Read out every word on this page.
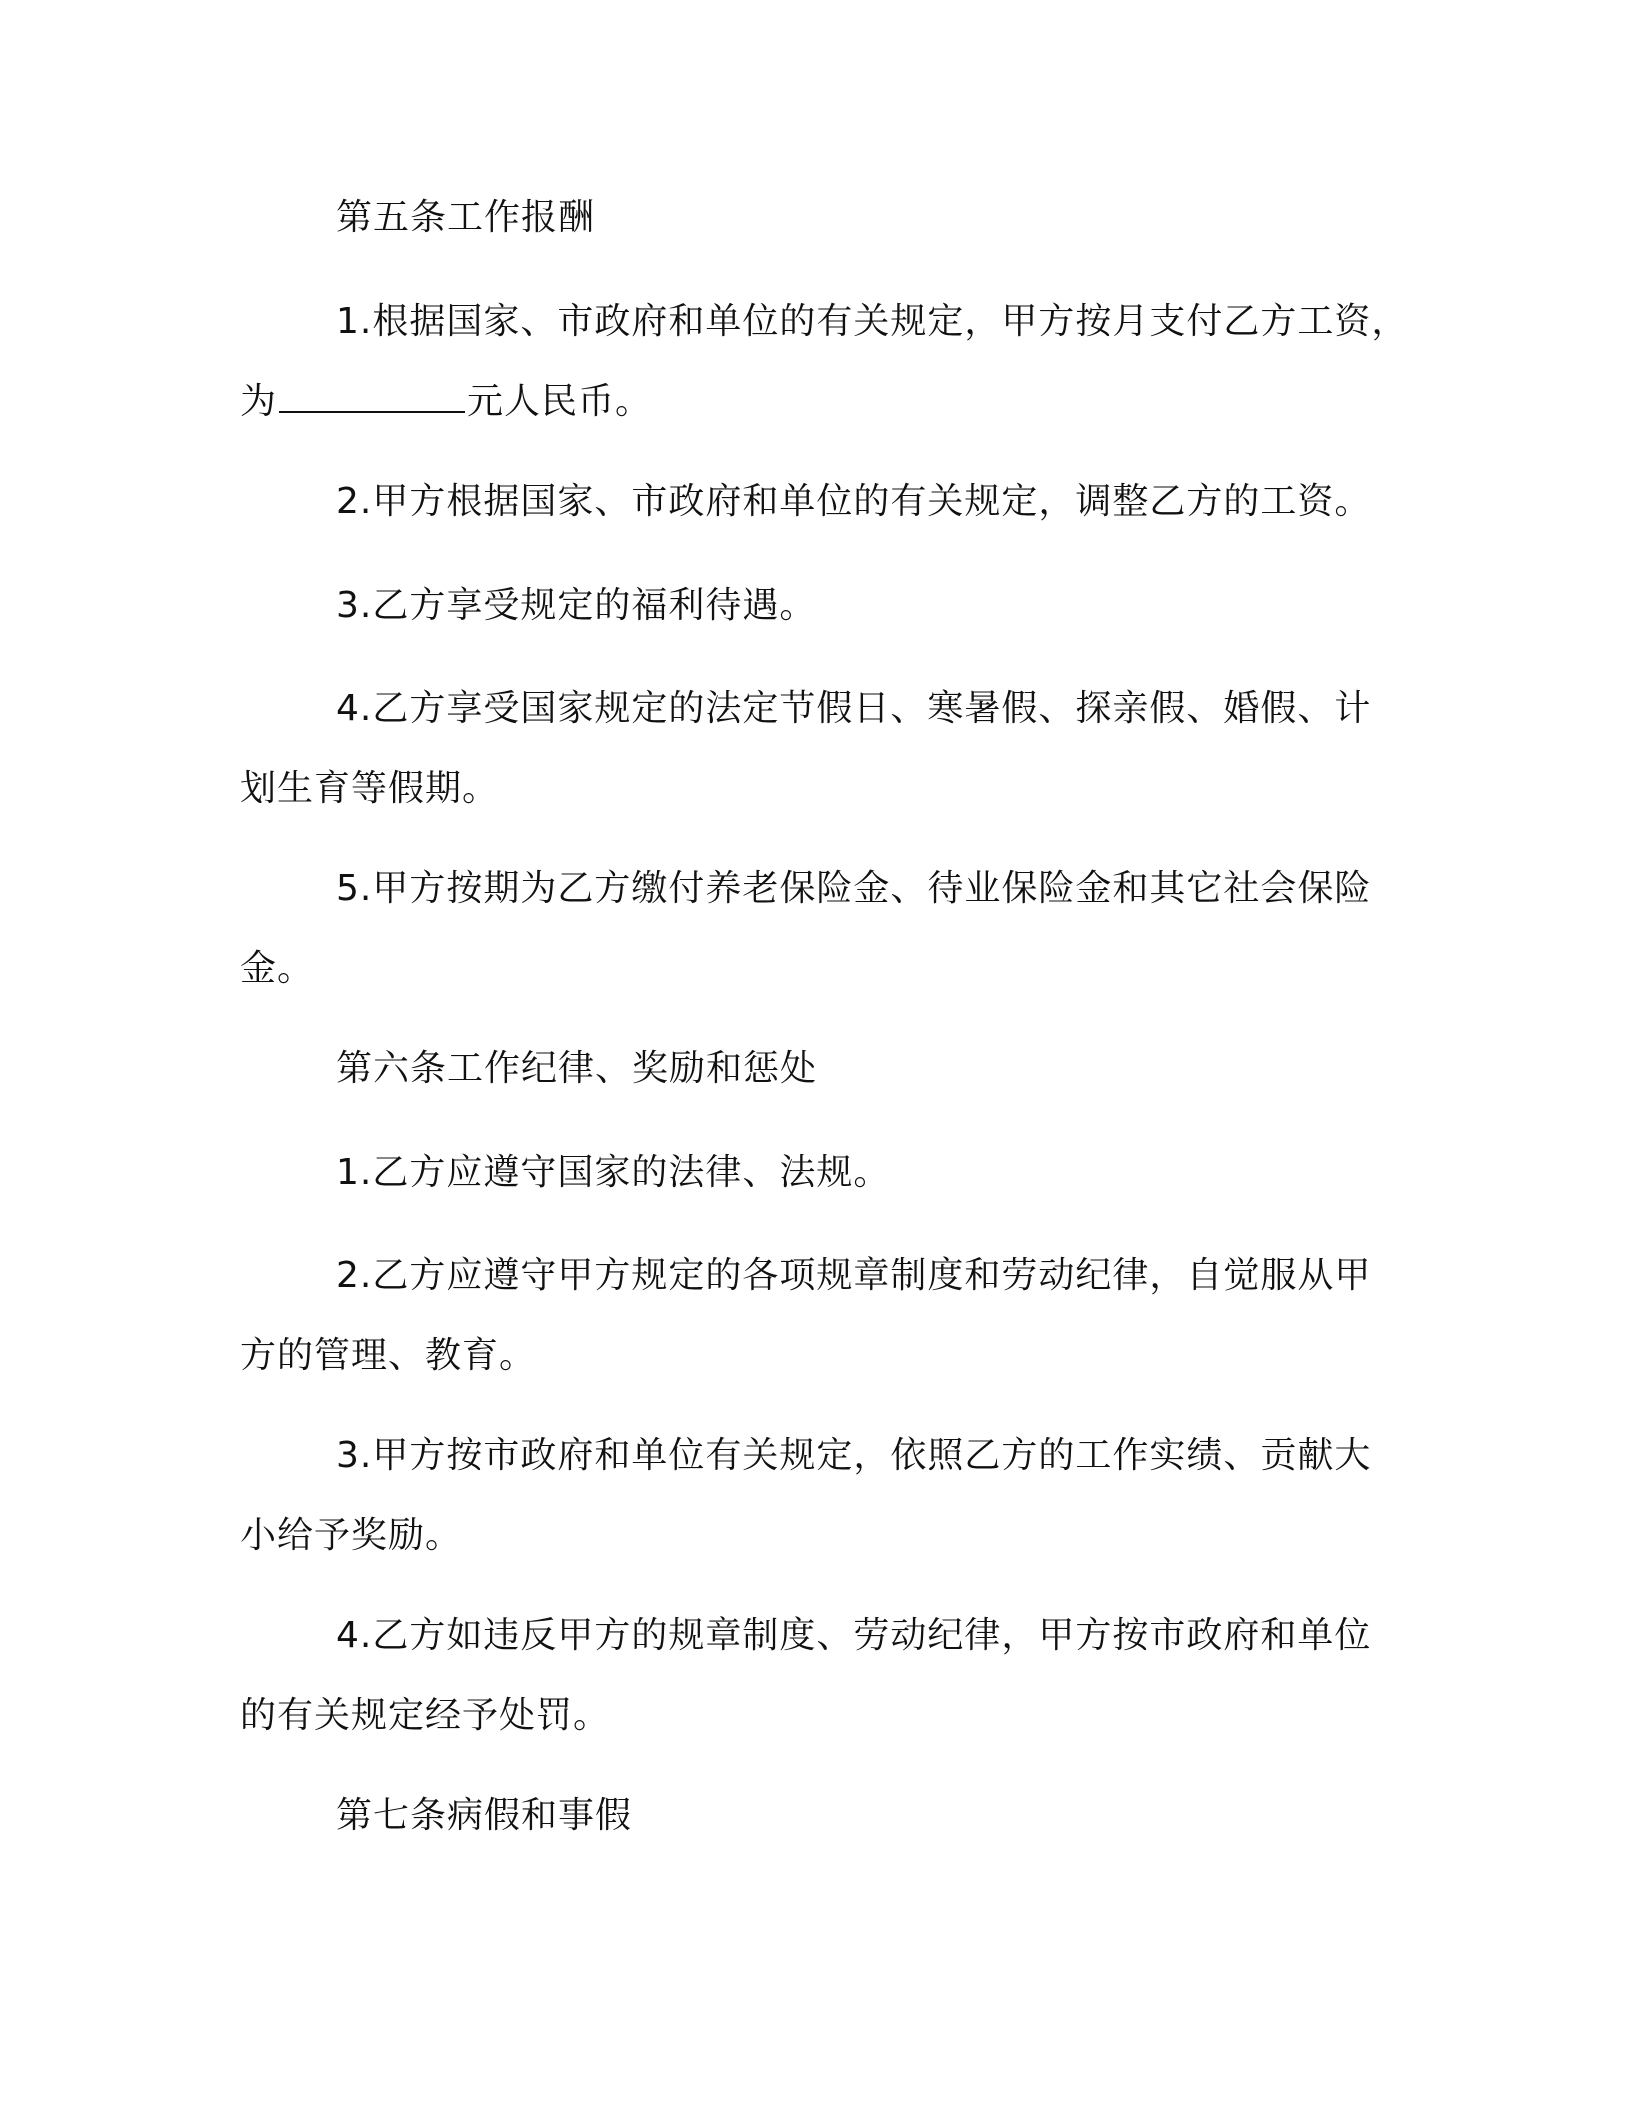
第五条工作报酬
1.根据国家、市政府和单位的有关规定，甲方按月支付乙方工资，
为	元人民币。
2.甲方根据国家、市政府和单位的有关规定，调整乙方的工资。
3.乙方享受规定的福利待遇。
4.乙方享受国家规定的法定节假日、寒暑假、探亲假、婚假、计
划生育等假期。
5.甲方按期为乙方缴付养老保险金、待业保险金和其它社会保险
金。
第六条工作纪律、奖励和惩处
1.乙方应遵守国家的法律、法规。
2.乙方应遵守甲方规定的各项规章制度和劳动纪律，自觉服从甲
方的管理、教育。
3.甲方按市政府和单位有关规定，依照乙方的工作实绩、贡献大
小给予奖励。
4.乙方如违反甲方的规章制度、劳动纪律，甲方按市政府和单位
的有关规定经予处罚。
第七条病假和事假
